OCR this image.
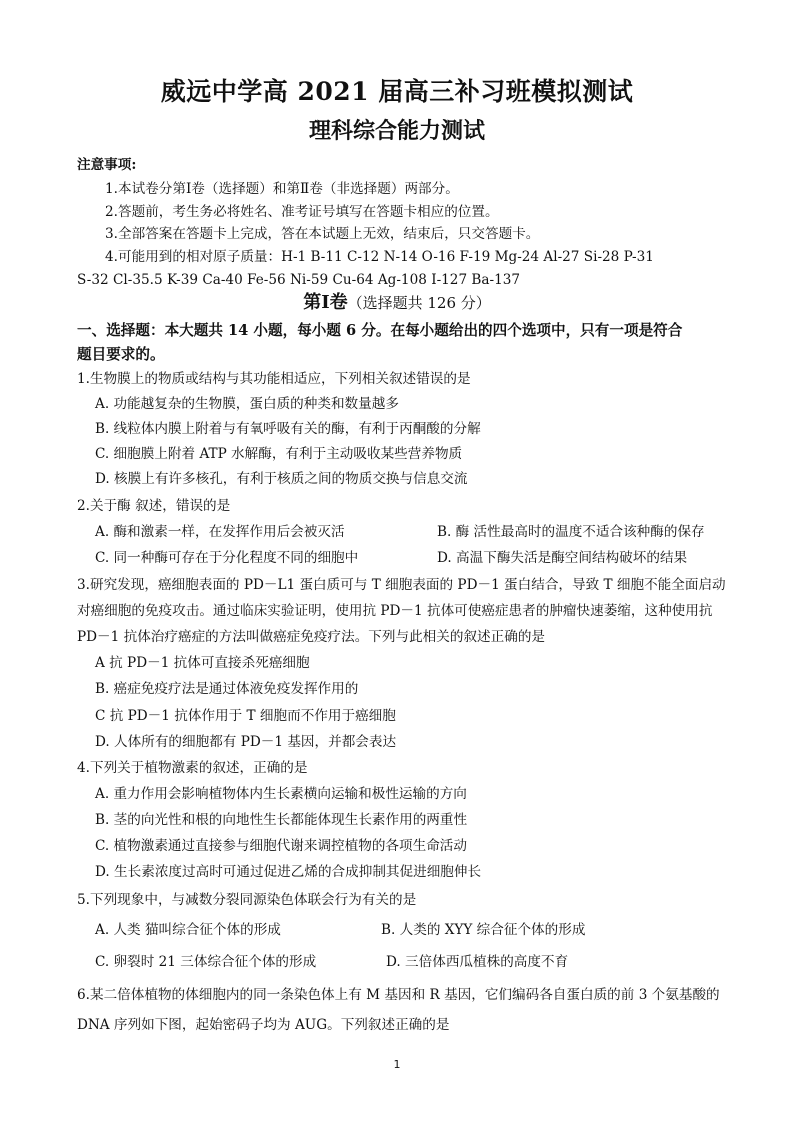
威远中学高 2021 届高三补习班模拟测试
理科综合能力测试
注意事项:
1.本试卷分第Ⅰ卷（选择题）和第Ⅱ卷（非选择题）两部分。
2.答题前，考生务必将姓名、准考证号填写在答题卡相应的位置。
3.全部答案在答题卡上完成，答在本试题上无效，结束后，只交答题卡。
4.可能用到的相对原子质量：H-1 B-11 C-12 N-14 O-16 F-19 Mg-24 Al-27 Si-28 P-31
S-32 Cl-35.5 K-39 Ca-40 Fe-56 Ni-59 Cu-64 Ag-108 I-127 Ba-137
第Ⅰ卷（选择题共 126 分）
一、选择题：本大题共 14 小题，每小题 6 分。在每小题给出的四个选项中，只有一项是符合
题目要求的。
1.生物膜上的物质或结构与其功能相适应，下列相关叙述错误的是
A. 功能越复杂的生物膜，蛋白质的种类和数量越多
B. 线粒体内膜上附着与有氧呼吸有关的酶，有利于丙酮酸的分解
C. 细胞膜上附着 ATP 水解酶，有利于主动吸收某些营养物质
D. 核膜上有许多核孔，有利于核质之间的物质交换与信息交流
2.关于酶 叙述，错误的是
A. 酶和激素一样，在发挥作用后会被灭活	B. 酶 活性最高时的温度不适合该种酶的保存
C. 同一种酶可存在于分化程度不同的细胞中	D. 高温下酶失活是酶空间结构破坏的结果
3.研究发现，癌细胞表面的 PD－L1 蛋白质可与 T 细胞表面的 PD－1 蛋白结合，导致 T 细胞不能全面启动
对癌细胞的免疫攻击。通过临床实验证明，使用抗 PD－1 抗体可使癌症患者的肿瘤快速萎缩，这种使用抗
PD－1 抗体治疗癌症的方法叫做癌症免疫疗法。下列与此相关的叙述正确的是
A 抗 PD－1 抗体可直接杀死癌细胞
B. 癌症免疫疗法是通过体液免疫发挥作用的
C 抗 PD－1 抗体作用于 T 细胞而不作用于癌细胞
D. 人体所有的细胞都有 PD－1 基因，并都会表达
4.下列关于植物激素的叙述，正确的是
A. 重力作用会影响植物体内生长素横向运输和极性运输的方向
B. 茎的向光性和根的向地性生长都能体现生长素作用的两重性
C. 植物激素通过直接参与细胞代谢来调控植物的各项生命活动
D. 生长素浓度过高时可通过促进乙烯的合成抑制其促进细胞伸长
5.下列现象中，与减数分裂同源染色体联会行为有关的是
A. 人类 猫叫综合征个体的形成	B. 人类的 XYY 综合征个体的形成
C. 卵裂时 21 三体综合征个体的形成	D. 三倍体西瓜植株的高度不育
6.某二倍体植物的体细胞内的同一条染色体上有 M 基因和 R 基因，它们编码各自蛋白质的前 3 个氨基酸的
DNA 序列如下图，起始密码子均为 AUG。下列叙述正确的是
1
